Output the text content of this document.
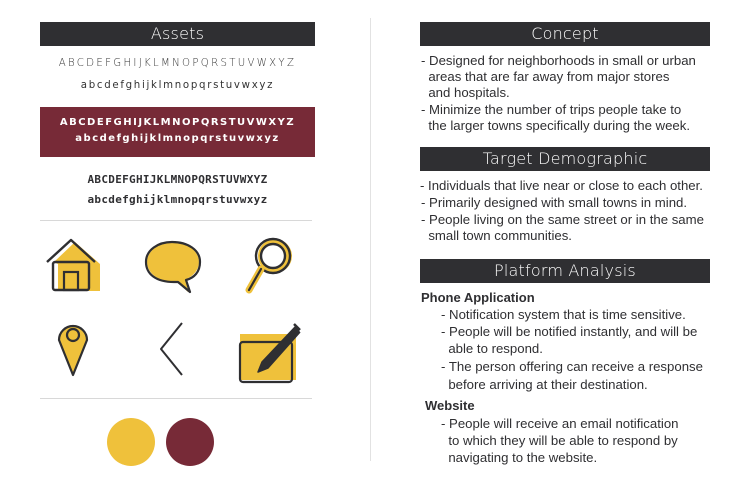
Assets
ABCDEFGHIJKLMNOPQRSTUVWXYZ
abcdefghijklmnopqrstuvwxyz
ABCDEFGHIJKLMNOPQRSTUVWXYZ
abcdefghijklmnopqrstuvwxyz
ABCDEFGHIJKLMNOPQRSTUVWXYZ
abcdefghijklmnopqrstuvwxyz
Concept
- Designed for neighborhoods in small or urban
areas that are far away from major stores
and hospitals.
- Minimize the number of trips people take to
the larger towns specifically during the week.
Target Demographic
- Individuals that live near or close to each other.
- Primarily designed with small towns in mind.
- People living on the same street or in the same
small town communities.
Platform Analysis
Phone Application
- Notification system that is time sensitive.
- People will be notified instantly, and will be
able to respond.
- The person offering can receive a response
before arriving at their destination.
Website
- People will receive an email notification
to which they will be able to respond by
navigating to the website.
